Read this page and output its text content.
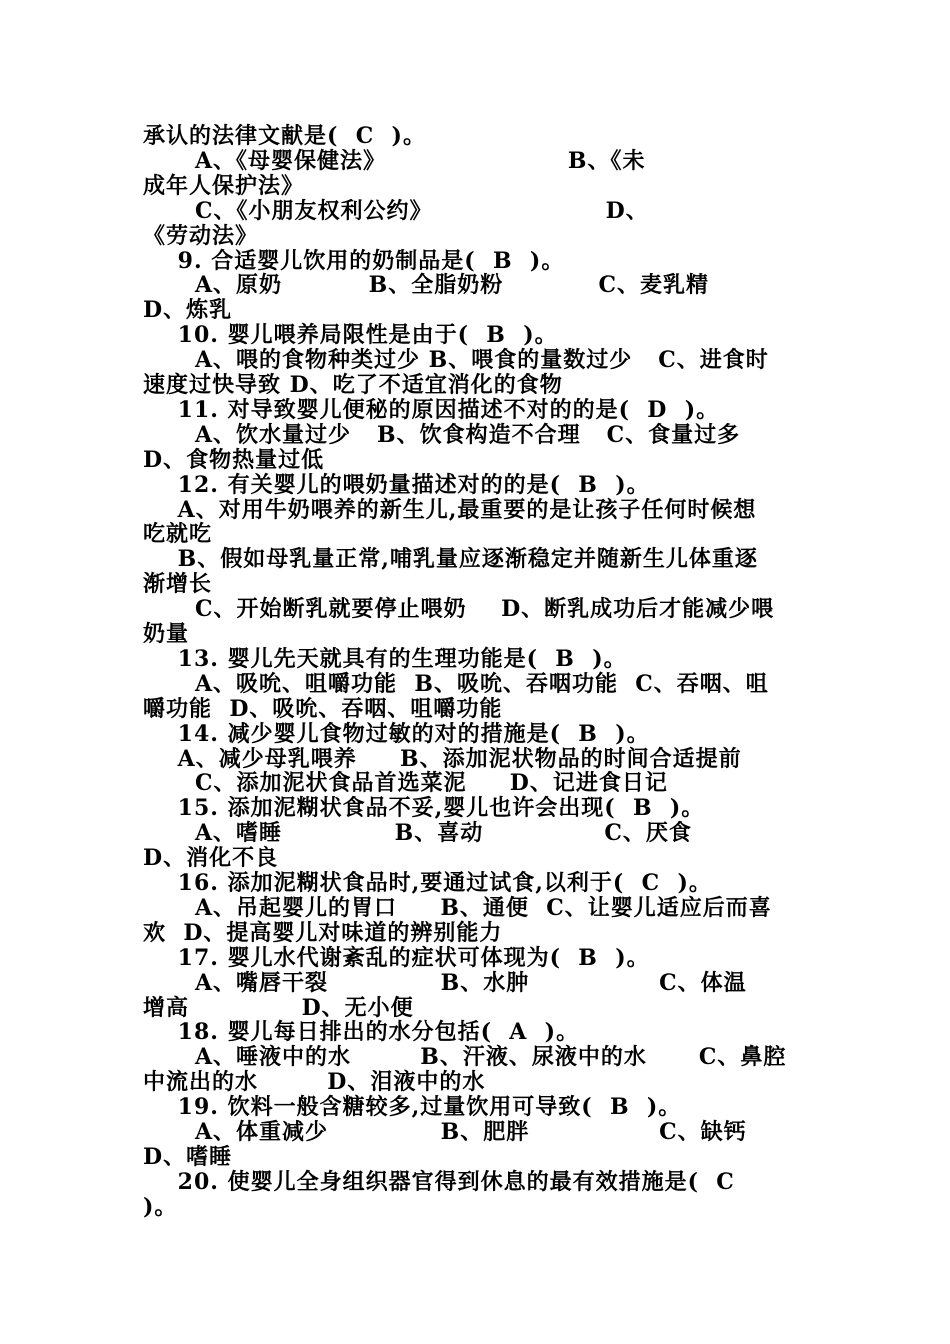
承认的法律文献是(  C  )。
A、《母婴保健法》                     B、《未
成年人保护法》
C、《小朋友权利公约》                    D、
《劳动法》
9. 合适婴儿饮用的奶制品是(  B  )。
A、原奶          B、全脂奶粉           C、麦乳精
D、炼乳
10. 婴儿喂养局限性是由于(  B  )。
A、喂的食物种类过少 B、喂食的量数过少   C、进食时
速度过快导致 D、吃了不适宜消化的食物
11. 对导致婴儿便秘的原因描述不对的的是(  D  )。
A、饮水量过少   B、饮食构造不合理   C、食量过多
D、食物热量过低
12. 有关婴儿的喂奶量描述对的的是(  B  )。
A、对用牛奶喂养的新生儿,最重要的是让孩子任何时候想
吃就吃
B、假如母乳量正常,哺乳量应逐渐稳定并随新生儿体重逐
渐增长
C、开始断乳就要停止喂奶    D、断乳成功后才能减少喂
奶量
13. 婴儿先天就具有的生理功能是(  B  )。
A、吸吮、咀嚼功能  B、吸吮、吞咽功能  C、吞咽、咀
嚼功能  D、吸吮、吞咽、咀嚼功能
14. 减少婴儿食物过敏的对的措施是(  B  )。
A、减少母乳喂养     B、添加泥状物品的时间合适提前
C、添加泥状食品首选菜泥     D、记进食日记
15. 添加泥糊状食品不妥,婴儿也许会出现(  B  )。
A、嗜睡             B、喜动              C、厌食
D、消化不良
16. 添加泥糊状食品时,要通过试食,以利于(  C  )。
A、吊起婴儿的胃口     B、通便  C、让婴儿适应后而喜
欢  D、提高婴儿对味道的辨别能力
17. 婴儿水代谢紊乱的症状可体现为(  B  )。
A、嘴唇干裂             B、水肿               C、体温
增高             D、无小便
18. 婴儿每日排出的水分包括(  A  )。
A、唾液中的水        B、汗液、尿液中的水      C、鼻腔
中流出的水        D、泪液中的水
19. 饮料一般含糖较多,过量饮用可导致(  B  )。
A、体重减少             B、肥胖               C、缺钙
D、嗜睡
20. 使婴儿全身组织器官得到休息的最有效措施是(  C
)。
